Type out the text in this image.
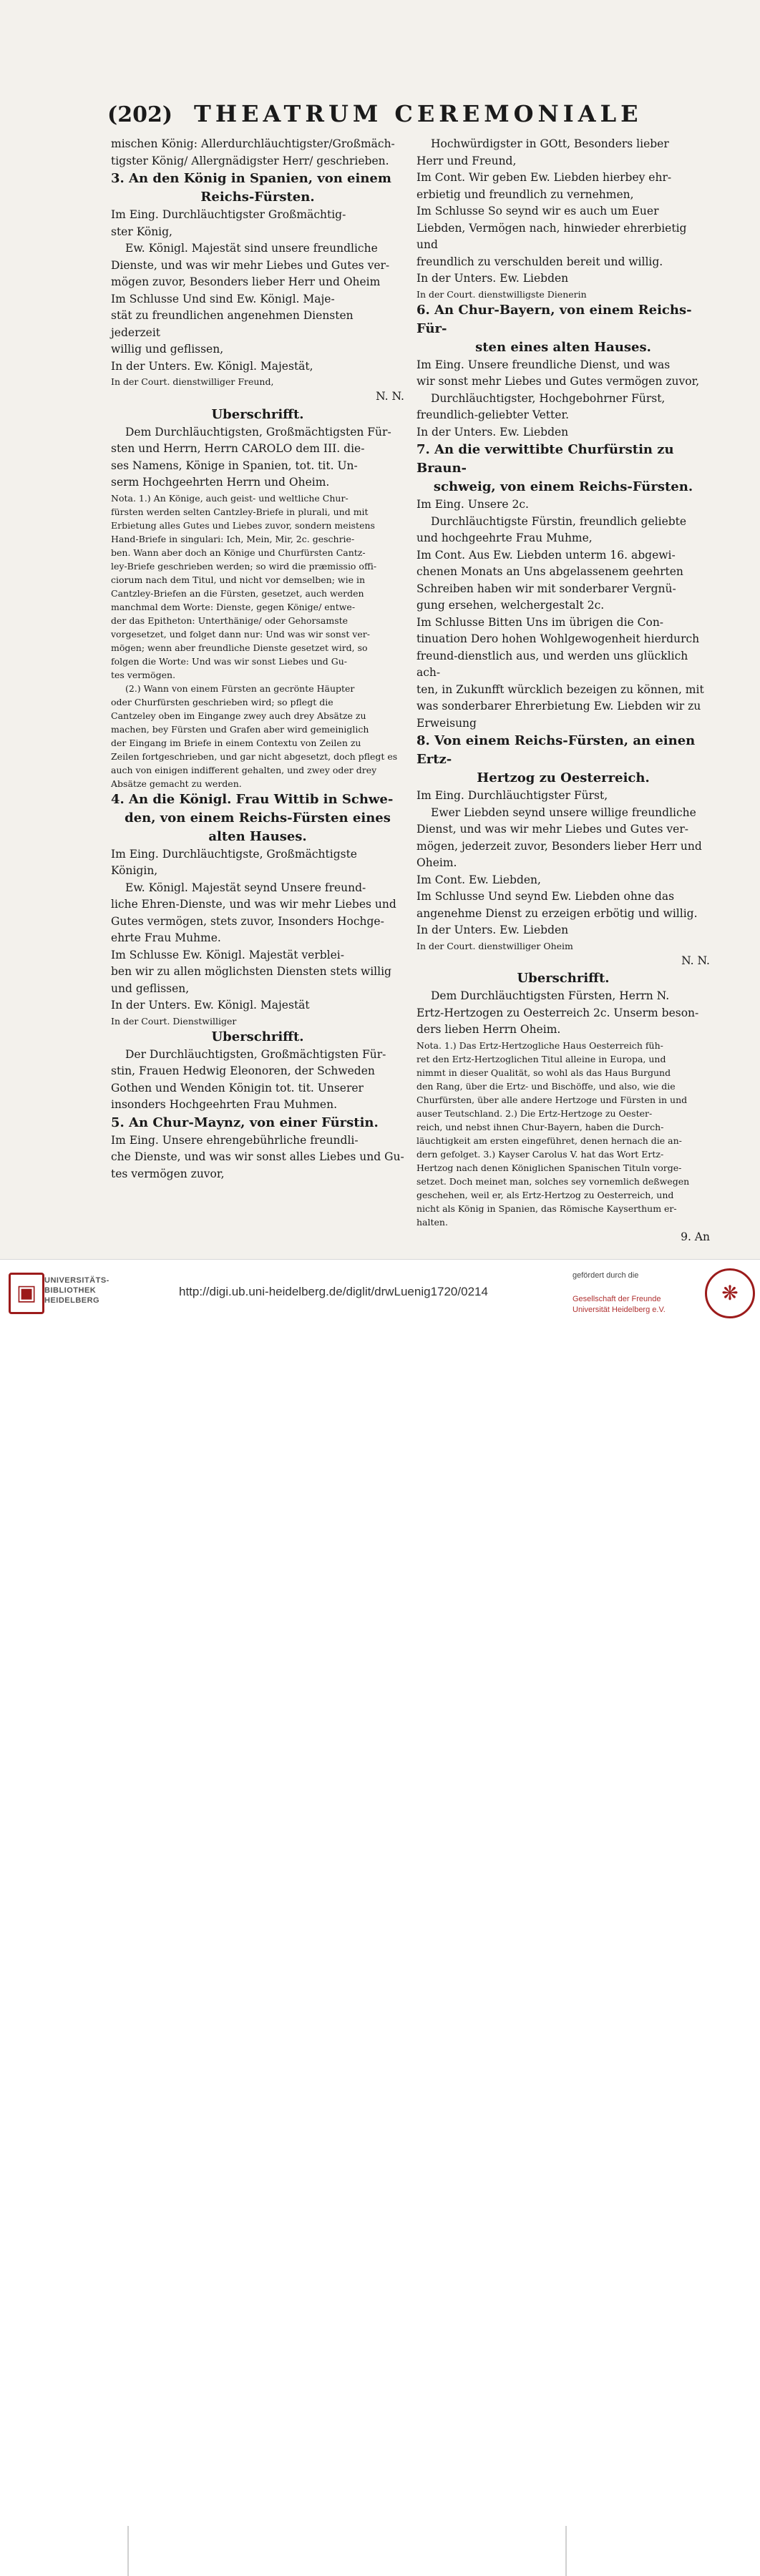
(202) THEATRUM CEREMONIALE

mischen König: Allerdurchläuchtigster/Großmäch-

tigster König/ Allergnädigster Herr/ geschrieben.

3. An den König in Spanien, von einem

Reichs-Fürsten.

Im Eing. Durchläuchtigster Großmächtig-

ster König,

Ew. Königl. Majestät sind unsere freundliche

Dienste, und was wir mehr Liebes und Gutes ver-

mögen zuvor, Besonders lieber Herr und Oheim

Im Schlusse Und sind Ew. Königl. Maje-

stät zu freundlichen angenehmen Diensten jederzeit

willig und geflissen,

In der Unters. Ew. Königl. Majestät,

In der Court. dienstwilliger Freund,

N. N.

Uberschrifft.

Dem Durchläuchtigsten, Großmächtigsten Für-

sten und Herrn, Herrn CAROLO dem III. die-

ses Namens, Könige in Spanien, tot. tit. Un-

serm Hochgeehrten Herrn und Oheim.

Nota. 1.) An Könige, auch geist- und weltliche Chur-

fürsten werden selten Cantzley-Briefe in plurali, und mit

Erbietung alles Gutes und Liebes zuvor, sondern meistens

Hand-Briefe in singulari: Ich, Mein, Mir, 2c. geschrie-

ben. Wann aber doch an Könige und Churfürsten Cantz-

ley-Briefe geschrieben werden; so wird die præmissio offi-

ciorum nach dem Titul, und nicht vor demselben; wie in

Cantzley-Briefen an die Fürsten, gesetzet, auch werden

manchmal dem Worte: Dienste, gegen Könige/ entwe-

der das Epitheton: Unterthänige/ oder Gehorsamste

vorgesetzet, und folget dann nur: Und was wir sonst ver-

mögen; wenn aber freundliche Dienste gesetzet wird, so

folgen die Worte: Und was wir sonst Liebes und Gu-

tes vermögen.

(2.) Wann von einem Fürsten an gecrönte Häupter

oder Churfürsten geschrieben wird; so pflegt die

Cantzeley oben im Eingange zwey auch drey Absätze zu

machen, bey Fürsten und Grafen aber wird gemeiniglich

der Eingang im Briefe in einem Contextu von Zeilen zu

Zeilen fortgeschrieben, und gar nicht abgesetzt, doch pflegt es

auch von einigen indifferent gehalten, und zwey oder drey

Absätze gemacht zu werden.

4. An die Königl. Frau Wittib in Schwe-

den, von einem Reichs-Fürsten eines

alten Hauses.

Im Eing. Durchläuchtigste, Großmächtigste

Königin,

Ew. Königl. Majestät seynd Unsere freund-

liche Ehren-Dienste, und was wir mehr Liebes und

Gutes vermögen, stets zuvor, Insonders Hochge-

ehrte Frau Muhme.

Im Schlusse Ew. Königl. Majestät verblei-

ben wir zu allen möglichsten Diensten stets willig

und geflissen,

In der Unters. Ew. Königl. Majestät

In der Court. Dienstwilliger

Uberschrifft.

Der Durchläuchtigsten, Großmächtigsten Für-

stin, Frauen Hedwig Eleonoren, der Schweden

Gothen und Wenden Königin tot. tit. Unserer

insonders Hochgeehrten Frau Muhmen.

5. An Chur-Maynz, von einer Fürstin.

Im Eing. Unsere ehrengebührliche freundli-

che Dienste, und was wir sonst alles Liebes und Gu-

tes vermögen zuvor,

Hochwürdigster in GOtt, Besonders lieber

Herr und Freund,

Im Cont. Wir geben Ew. Liebden hierbey ehr-

erbietig und freundlich zu vernehmen,

Im Schlusse So seynd wir es auch um Euer

Liebden, Vermögen nach, hinwieder ehrerbietig und

freundlich zu verschulden bereit und willig.

In der Unters. Ew. Liebden

In der Court. dienstwilligste Dienerin

6. An Chur-Bayern, von einem Reichs-Für-

sten eines alten Hauses.

Im Eing. Unsere freundliche Dienst, und was

wir sonst mehr Liebes und Gutes vermögen zuvor,

Durchläuchtigster, Hochgebohrner Fürst,

freundlich-geliebter Vetter.

In der Unters. Ew. Liebden

7. An die verwittibte Churfürstin zu Braun-

schweig, von einem Reichs-Fürsten.

Im Eing. Unsere 2c.

Durchläuchtigste Fürstin, freundlich geliebte

und hochgeehrte Frau Muhme,

Im Cont. Aus Ew. Liebden unterm 16. abgewi-

chenen Monats an Uns abgelassenem geehrten

Schreiben haben wir mit sonderbarer Vergnü-

gung ersehen, welchergestalt 2c.

Im Schlusse Bitten Uns im übrigen die Con-

tinuation Dero hohen Wohlgewogenheit hierdurch

freund-dienstlich aus, und werden uns glücklich ach-

ten, in Zukunfft würcklich bezeigen zu können, mit

was sonderbarer Ehrerbietung Ew. Liebden wir zu

Erweisung

8. Von einem Reichs-Fürsten, an einen Ertz-

Hertzog zu Oesterreich.

Im Eing. Durchläuchtigster Fürst,

Ewer Liebden seynd unsere willige freundliche

Dienst, und was wir mehr Liebes und Gutes ver-

mögen, jederzeit zuvor, Besonders lieber Herr und

Oheim.

Im Cont. Ew. Liebden,

Im Schlusse Und seynd Ew. Liebden ohne das

angenehme Dienst zu erzeigen erbötig und willig.

In der Unters. Ew. Liebden

In der Court. dienstwilliger Oheim

N. N.

Uberschrifft.

Dem Durchläuchtigsten Fürsten, Herrn N.

Ertz-Hertzogen zu Oesterreich 2c. Unserm beson-

ders lieben Herrn Oheim.

Nota. 1.) Das Ertz-Hertzogliche Haus Oesterreich füh-

ret den Ertz-Hertzoglichen Titul alleine in Europa, und

nimmt in dieser Qualität, so wohl als das Haus Burgund

den Rang, über die Ertz- und Bischöffe, und also, wie die

Churfürsten, über alle andere Hertzoge und Fürsten in und

auser Teutschland. 2.) Die Ertz-Hertzoge zu Oester-

reich, und nebst ihnen Chur-Bayern, haben die Durch-

läuchtigkeit am ersten eingeführet, denen hernach die an-

dern gefolget. 3.) Kayser Carolus V. hat das Wort Ertz-

Hertzog nach denen Königlichen Spanischen Tituln vorge-

setzet. Doch meinet man, solches sey vornemlich deßwegen

geschehen, weil er, als Ertz-Hertzog zu Oesterreich, und

nicht als König in Spanien, das Römische Kayserthum er-

halten.

9. An

▣
UNIVERSITÄTS-
BIBLIOTHEK
HEIDELBERG
http://digi.ub.uni-heidelberg.de/diglit/drwLuenig1720/0214
gefördert durch die
Gesellschaft der Freunde
Universität Heidelberg e.V.
❋
